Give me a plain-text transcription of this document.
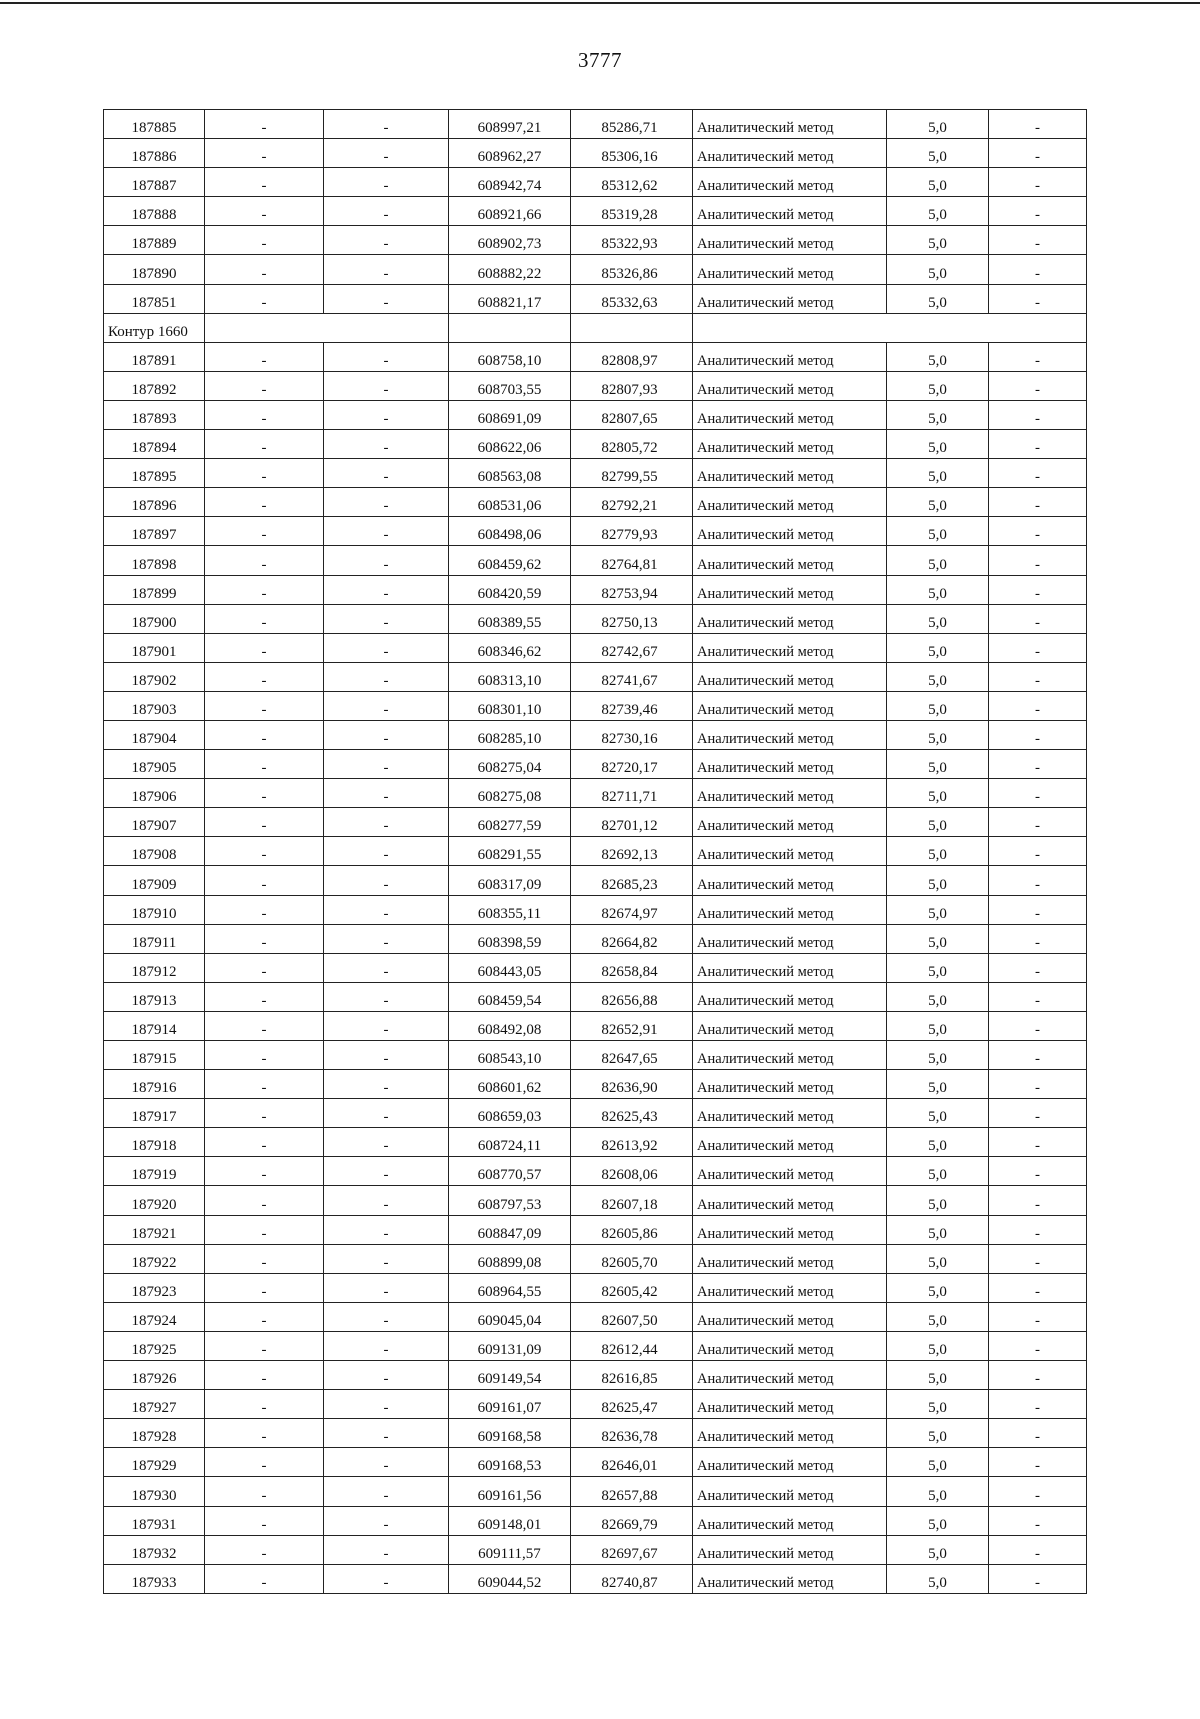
3777
187885	-	-	608997,21	85286,71	Аналитический метод	5,0	-
187886	-	-	608962,27	85306,16	Аналитический метод	5,0	-
187887	-	-	608942,74	85312,62	Аналитический метод	5,0	-
187888	-	-	608921,66	85319,28	Аналитический метод	5,0	-
187889	-	-	608902,73	85322,93	Аналитический метод	5,0	-
187890	-	-	608882,22	85326,86	Аналитический метод	5,0	-
187851	-	-	608821,17	85332,63	Аналитический метод	5,0	-
Контур 1660							
187891	-	-	608758,10	82808,97	Аналитический метод	5,0	-
187892	-	-	608703,55	82807,93	Аналитический метод	5,0	-
187893	-	-	608691,09	82807,65	Аналитический метод	5,0	-
187894	-	-	608622,06	82805,72	Аналитический метод	5,0	-
187895	-	-	608563,08	82799,55	Аналитический метод	5,0	-
187896	-	-	608531,06	82792,21	Аналитический метод	5,0	-
187897	-	-	608498,06	82779,93	Аналитический метод	5,0	-
187898	-	-	608459,62	82764,81	Аналитический метод	5,0	-
187899	-	-	608420,59	82753,94	Аналитический метод	5,0	-
187900	-	-	608389,55	82750,13	Аналитический метод	5,0	-
187901	-	-	608346,62	82742,67	Аналитический метод	5,0	-
187902	-	-	608313,10	82741,67	Аналитический метод	5,0	-
187903	-	-	608301,10	82739,46	Аналитический метод	5,0	-
187904	-	-	608285,10	82730,16	Аналитический метод	5,0	-
187905	-	-	608275,04	82720,17	Аналитический метод	5,0	-
187906	-	-	608275,08	82711,71	Аналитический метод	5,0	-
187907	-	-	608277,59	82701,12	Аналитический метод	5,0	-
187908	-	-	608291,55	82692,13	Аналитический метод	5,0	-
187909	-	-	608317,09	82685,23	Аналитический метод	5,0	-
187910	-	-	608355,11	82674,97	Аналитический метод	5,0	-
187911	-	-	608398,59	82664,82	Аналитический метод	5,0	-
187912	-	-	608443,05	82658,84	Аналитический метод	5,0	-
187913	-	-	608459,54	82656,88	Аналитический метод	5,0	-
187914	-	-	608492,08	82652,91	Аналитический метод	5,0	-
187915	-	-	608543,10	82647,65	Аналитический метод	5,0	-
187916	-	-	608601,62	82636,90	Аналитический метод	5,0	-
187917	-	-	608659,03	82625,43	Аналитический метод	5,0	-
187918	-	-	608724,11	82613,92	Аналитический метод	5,0	-
187919	-	-	608770,57	82608,06	Аналитический метод	5,0	-
187920	-	-	608797,53	82607,18	Аналитический метод	5,0	-
187921	-	-	608847,09	82605,86	Аналитический метод	5,0	-
187922	-	-	608899,08	82605,70	Аналитический метод	5,0	-
187923	-	-	608964,55	82605,42	Аналитический метод	5,0	-
187924	-	-	609045,04	82607,50	Аналитический метод	5,0	-
187925	-	-	609131,09	82612,44	Аналитический метод	5,0	-
187926	-	-	609149,54	82616,85	Аналитический метод	5,0	-
187927	-	-	609161,07	82625,47	Аналитический метод	5,0	-
187928	-	-	609168,58	82636,78	Аналитический метод	5,0	-
187929	-	-	609168,53	82646,01	Аналитический метод	5,0	-
187930	-	-	609161,56	82657,88	Аналитический метод	5,0	-
187931	-	-	609148,01	82669,79	Аналитический метод	5,0	-
187932	-	-	609111,57	82697,67	Аналитический метод	5,0	-
187933	-	-	609044,52	82740,87	Аналитический метод	5,0	-
